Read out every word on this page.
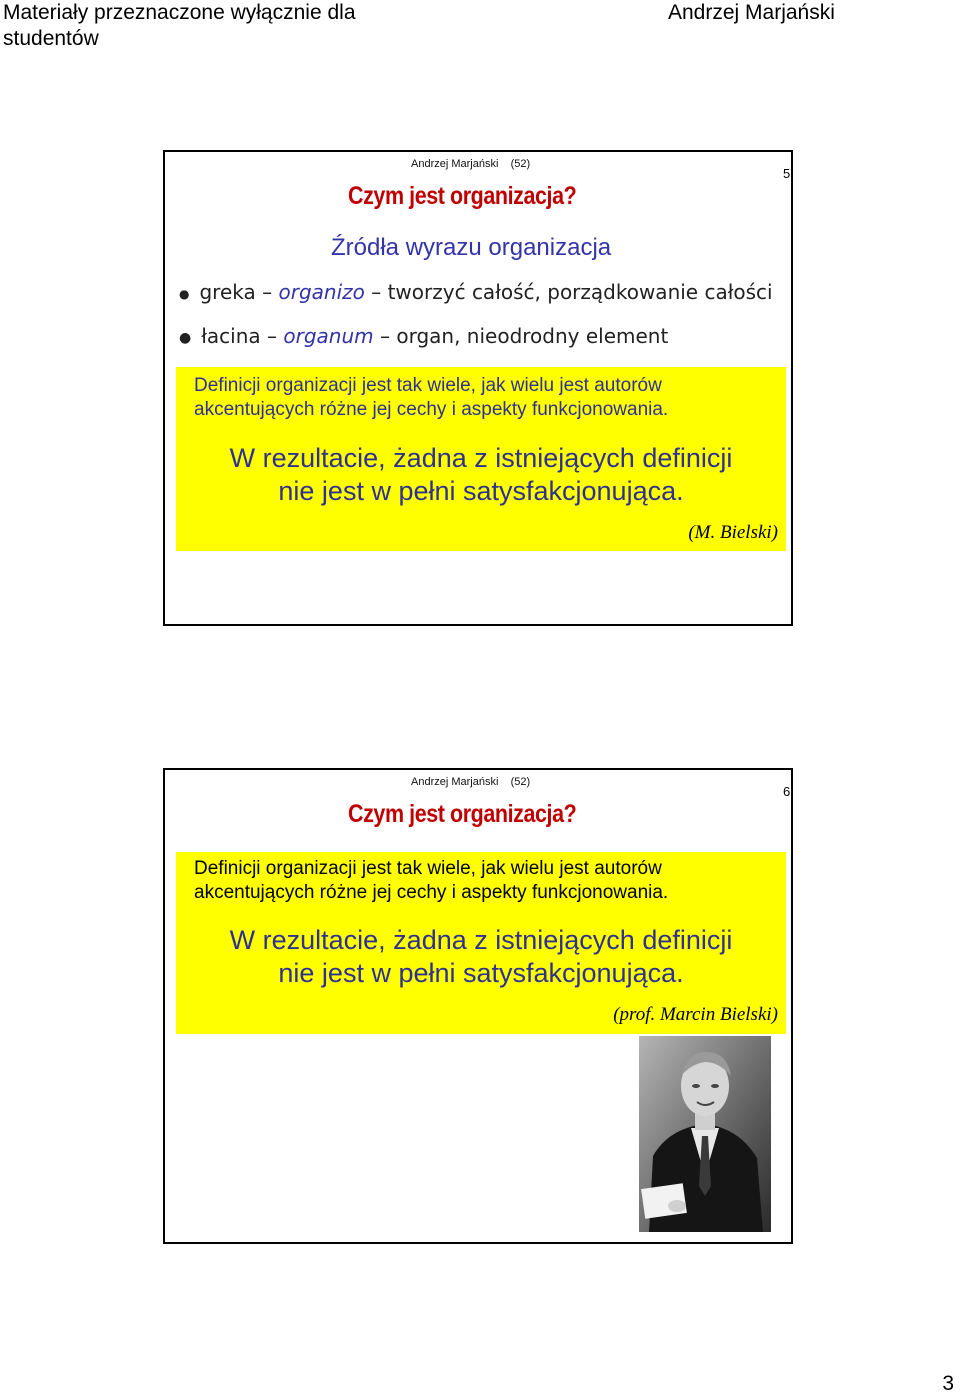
Materiały przeznaczone wyłącznie dla
studentów
Andrzej Marjański
5
Andrzej Marjański    (52)
Czym jest organizacja?
Źródła wyrazu organizacja
● greka – organizo – tworzyć całość, porządkowanie całości
● łacina – organum – organ, nieodrodny element
Definicji organizacji jest tak wiele, jak wielu jest autorów
akcentujących różne jej cechy i aspekty funkcjonowania.
W rezultacie, żadna z istniejących definicji
nie jest w pełni satysfakcjonująca.
(M. Bielski)
6
Andrzej Marjański    (52)
Czym jest organizacja?
Definicji organizacji jest tak wiele, jak wielu jest autorów
akcentujących różne jej cechy i aspekty funkcjonowania.
W rezultacie, żadna z istniejących definicji
nie jest w pełni satysfakcjonująca.
(prof. Marcin Bielski)
3
